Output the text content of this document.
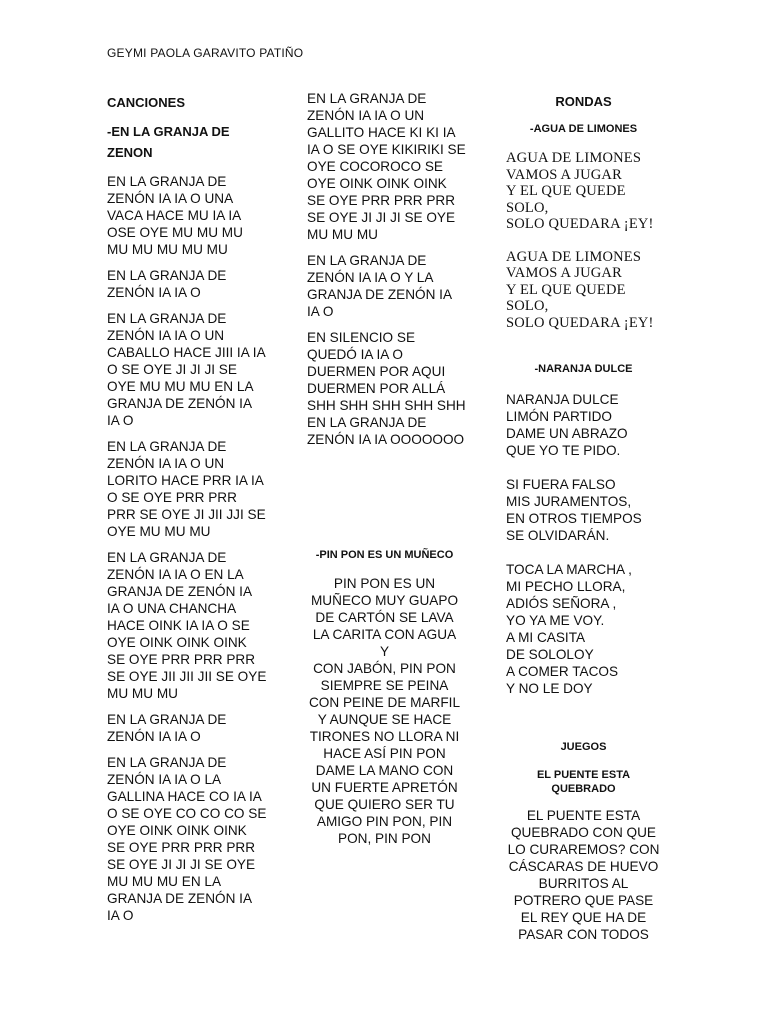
GEYMI PAOLA GARAVITO PATIÑO

CANCIONES

-EN LA GRANJA DE
ZENON

EN LA GRANJA DE
ZENÓN IA IA O UNA
VACA HACE MU IA IA
OSE OYE MU MU MU
MU MU MU MU MU

EN LA GRANJA DE
ZENÓN IA IA O

EN LA GRANJA DE
ZENÓN IA IA O UN
CABALLO HACE JIII IA IA
O SE OYE JI JI JI SE
OYE MU MU MU EN LA
GRANJA DE ZENÓN IA
IA O

EN LA GRANJA DE
ZENÓN IA IA O UN
LORITO HACE PRR IA IA
O SE OYE PRR PRR
PRR SE OYE JI JII JJI SE
OYE MU MU MU

EN LA GRANJA DE
ZENÓN IA IA O EN LA
GRANJA DE ZENÓN IA
IA O UNA CHANCHA
HACE OINK IA IA O SE
OYE OINK OINK OINK
SE OYE PRR PRR PRR
SE OYE JII JII JII SE OYE
MU MU MU

EN LA GRANJA DE
ZENÓN IA IA O

EN LA GRANJA DE
ZENÓN IA IA O LA
GALLINA HACE CO IA IA
O SE OYE CO CO CO SE
OYE OINK OINK OINK
SE OYE PRR PRR PRR
SE OYE JI JI JI SE OYE
MU MU MU EN LA
GRANJA DE ZENÓN IA
IA O

EN LA GRANJA DE
ZENÓN IA IA O UN
GALLITO HACE KI KI IA
IA O SE OYE KIKIRIKI SE
OYE COCOROCO SE
OYE OINK OINK OINK
SE OYE PRR PRR PRR
SE OYE JI JI JI SE OYE
MU MU MU

EN LA GRANJA DE
ZENÓN IA IA O Y LA
GRANJA DE ZENÓN IA
IA O

EN SILENCIO SE
QUEDÓ IA IA O
DUERMEN POR AQUI
DUERMEN POR ALLÁ
SHH SHH SHH SHH SHH
EN LA GRANJA DE
ZENÓN IA IA OOOOOOO

-PIN PON ES UN MUÑECO

PIN PON ES UN
MUÑECO MUY GUAPO
DE CARTÓN SE LAVA
LA CARITA CON AGUA Y
CON JABÓN, PIN PON
SIEMPRE SE PEINA
CON PEINE DE MARFIL
Y AUNQUE SE HACE
TIRONES NO LLORA NI
HACE ASÍ PIN PON
DAME LA MANO CON
UN FUERTE APRETÓN
QUE QUIERO SER TU
AMIGO PIN PON, PIN
PON, PIN PON

RONDAS

-AGUA DE LIMONES

AGUA DE LIMONES
VAMOS A JUGAR
Y EL QUE QUEDE
SOLO,
SOLO QUEDARA ¡EY!

AGUA DE LIMONES
VAMOS A JUGAR
Y EL QUE QUEDE
SOLO,
SOLO QUEDARA ¡EY!

-NARANJA DULCE

NARANJA DULCE
LIMÓN PARTIDO
DAME UN ABRAZO
QUE YO TE PIDO.

SI FUERA FALSO
MIS JURAMENTOS,
EN OTROS TIEMPOS
SE OLVIDARÁN.

TOCA LA MARCHA ,
MI PECHO LLORA,
ADIÓS SEÑORA ,
YO YA ME VOY.
A MI CASITA
DE SOLOLOY
A COMER TACOS
Y NO LE DOY

JUEGOS

EL PUENTE ESTA QUEBRADO

EL PUENTE ESTA
QUEBRADO CON QUE
LO CURAREMOS? CON
CÁSCARAS DE HUEVO
BURRITOS AL
POTRERO QUE PASE
EL REY QUE HA DE
PASAR CON TODOS
